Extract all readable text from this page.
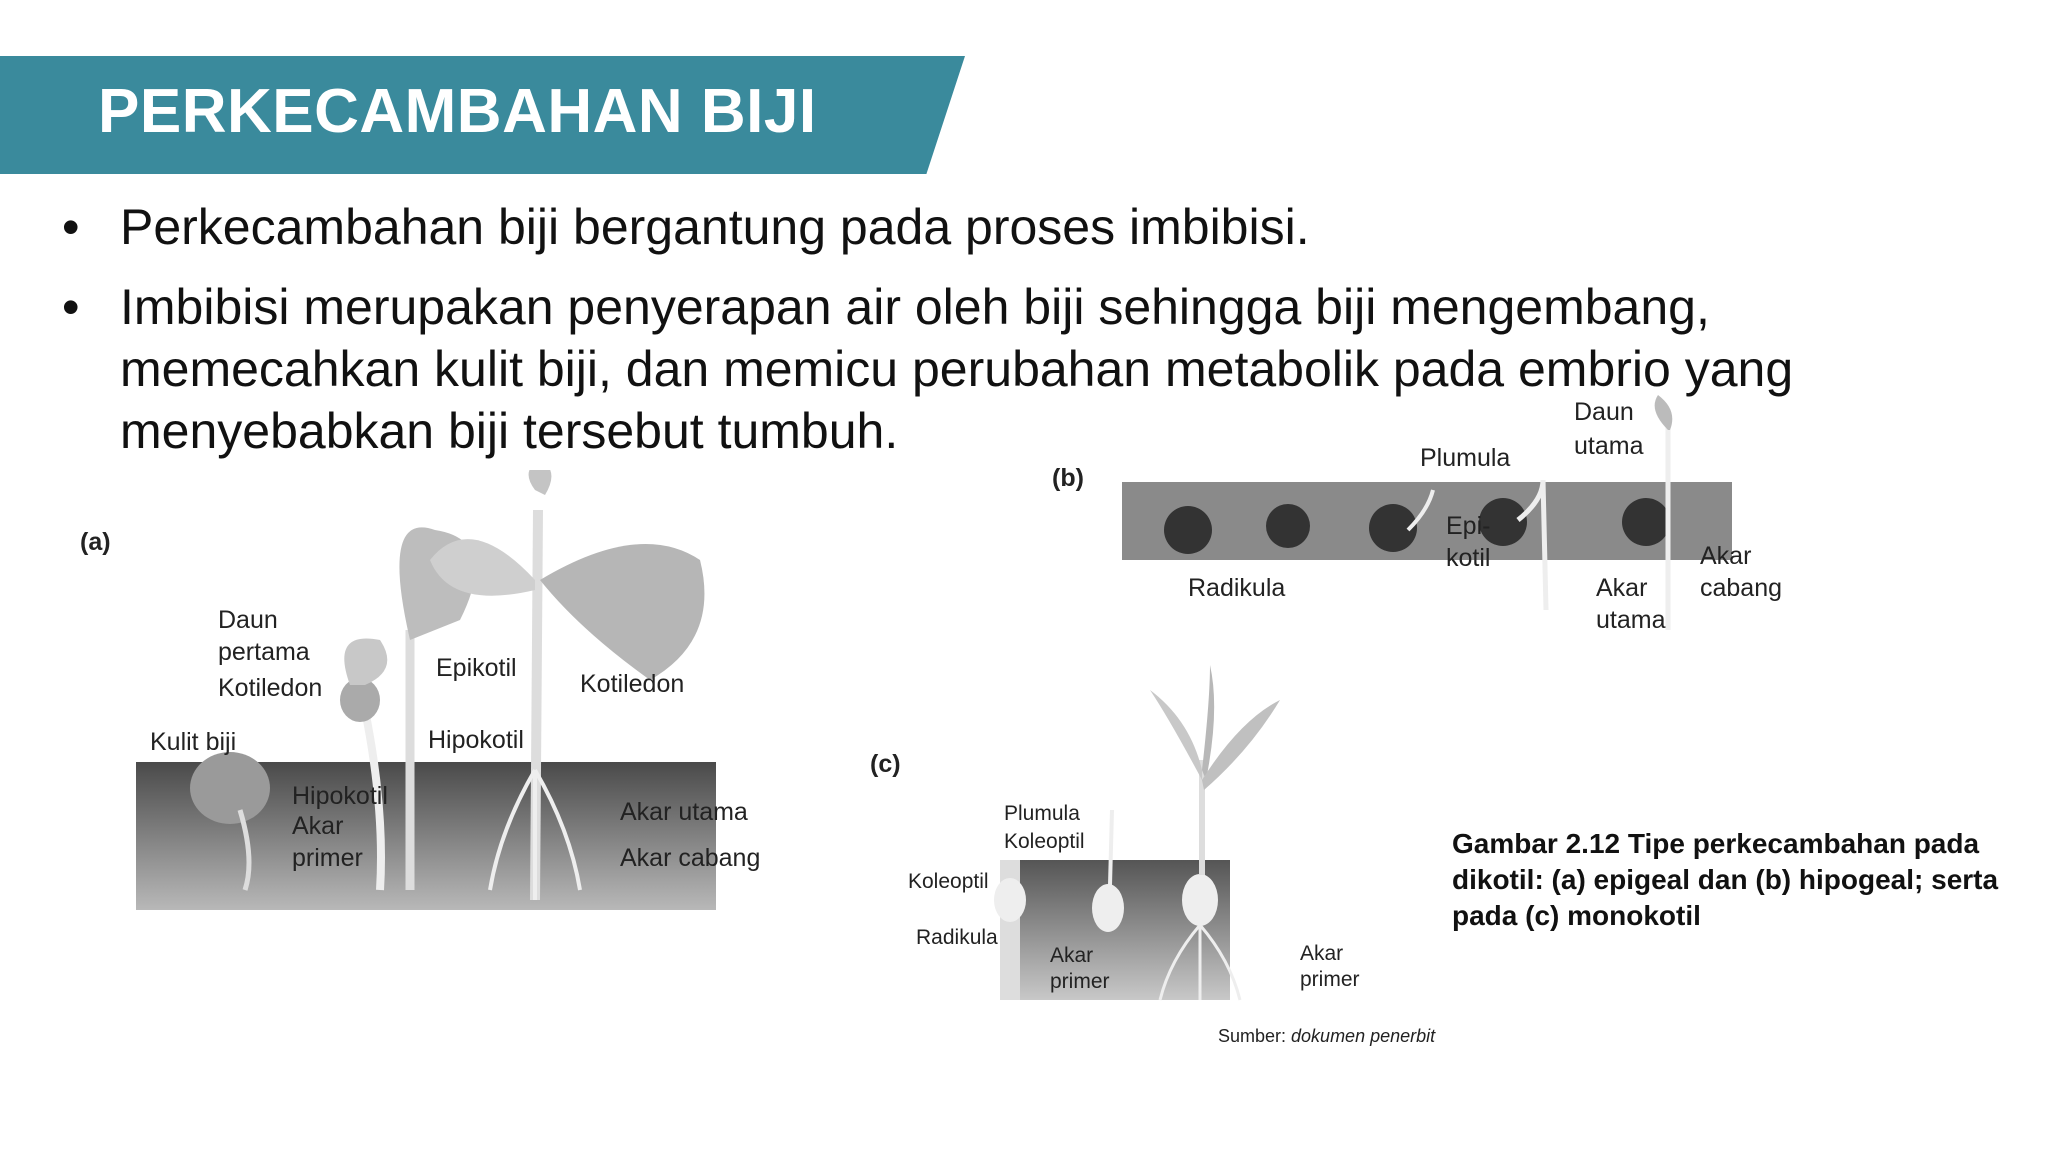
PERKECAMBAHAN BIJI
• Perkecambahan biji bergantung pada proses imbibisi.
• Imbibisi merupakan penyerapan air oleh biji sehingga biji mengembang, memecahkan kulit biji, dan memicu perubahan metabolik pada embrio yang menyebabkan biji tersebut tumbuh.
(a)
Daun
pertama
Kotiledon
Kulit biji
Epikotil
Hipokotil
Kotiledon
Hipokotil
Akar
primer
Akar utama
Akar cabang
(b)
Plumula
Daun
utama
Radikula
Epi-
kotil
Akar
utama
Akar
cabang
(c)
Plumula
Koleoptil
Koleoptil
Radikula
Akar
primer
Akar
primer

Gambar 2.12 Tipe perkecambahan pada dikotil: (a) epigeal dan (b) hipogeal; serta pada (c) monokotil

Sumber: dokumen penerbit
